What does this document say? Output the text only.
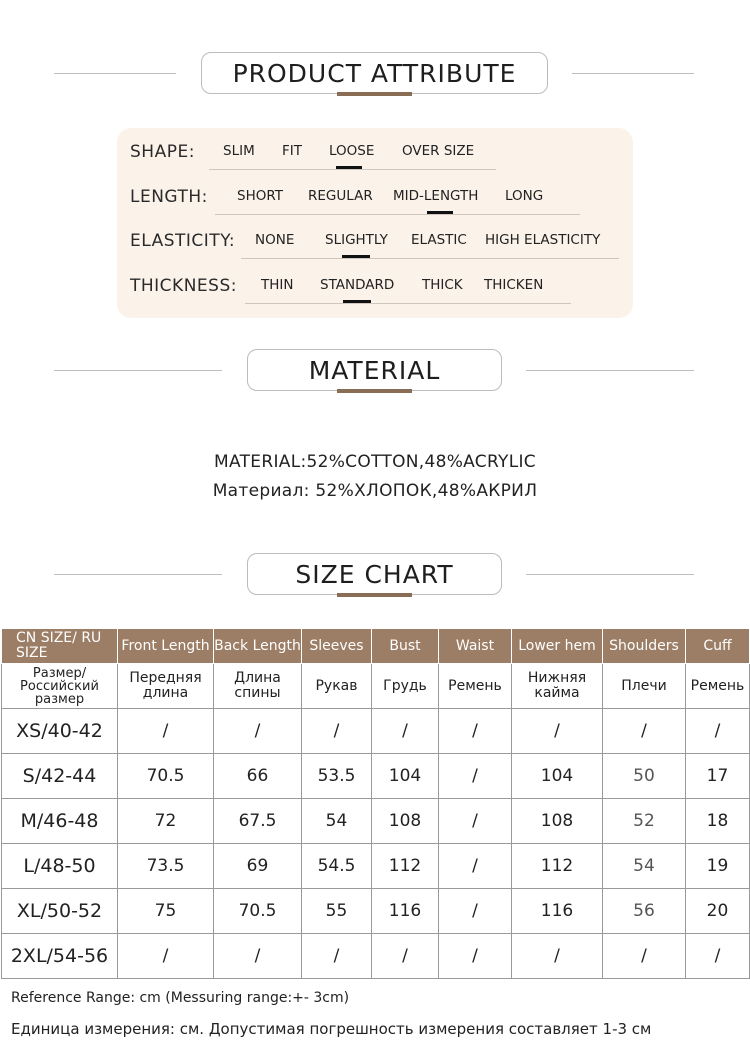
PRODUCT ATTRIBUTE
SHAPE: SLIM FIT LOOSE OVER SIZE
LENGTH: SHORT REGULAR MID-LENGTH LONG
ELASTICITY: NONE SLIGHTLY ELASTIC HIGH ELASTICITY
THICKNESS: THIN STANDARD THICK THICKEN
MATERIAL
MATERIAL:52%COTTON,48%ACRYLIC
Материал: 52%ХЛОПОК,48%АКРИЛ
SIZE CHART
CN SIZE/ RU SIZE	Front Length	Back Length	Sleeves	Bust	Waist	Lower hem	Shoulders	Cuff
Размер/ Российский размер	Передняя длина	Длина спины	Рукав	Грудь	Ремень	Нижняя кайма	Плечи	Ремень
XS/40-42	/	/	/	/	/	/	/	/
S/42-44	70.5	66	53.5	104	/	104	50	17
M/46-48	72	67.5	54	108	/	108	52	18
L/48-50	73.5	69	54.5	112	/	112	54	19
XL/50-52	75	70.5	55	116	/	116	56	20
2XL/54-56	/	/	/	/	/	/	/	/
Reference Range: cm (Messuring range:+- 3cm)
Единица измерения: см. Допустимая погрешность измерения составляет 1-3 см
